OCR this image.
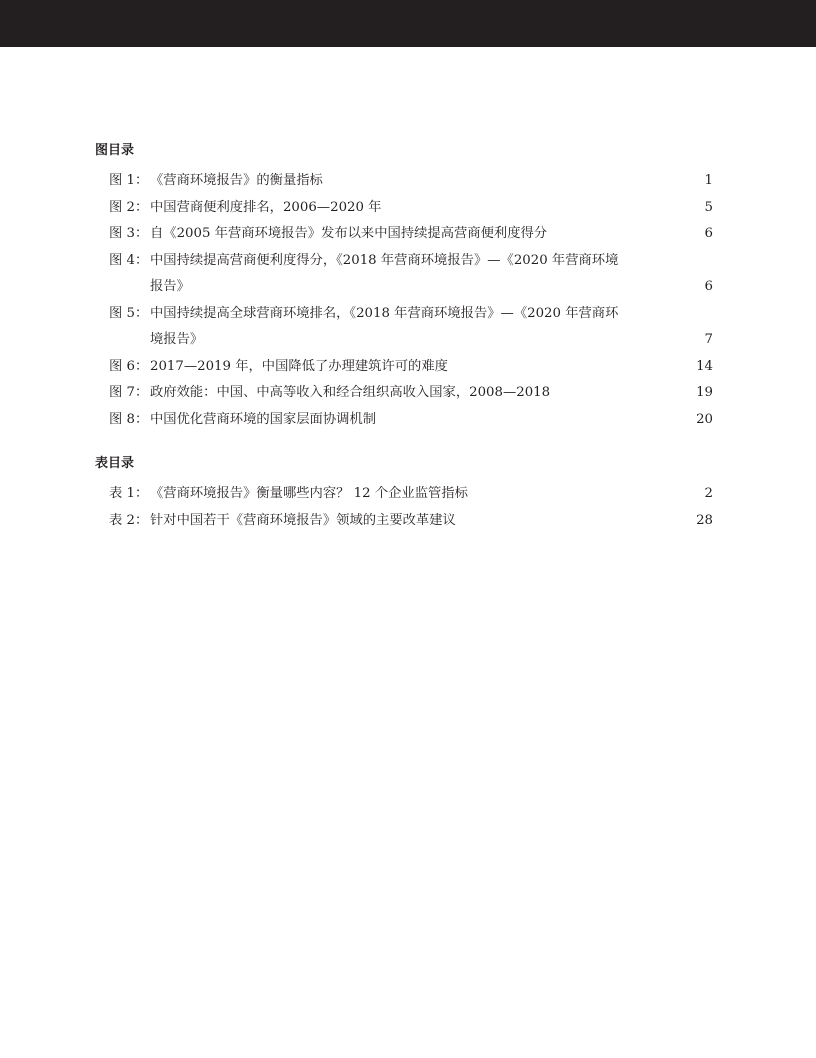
图目录
图 1： 《营商环境报告》的衡量指标	1
图 2： 中国营商便利度排名，2006—2020 年	5
图 3： 自《2005 年营商环境报告》发布以来中国持续提高营商便利度得分	6
图 4： 中国持续提高营商便利度得分，《2018 年营商环境报告》—《2020 年营商环境
报告》	6
图 5： 中国持续提高全球营商环境排名，《2018 年营商环境报告》—《2020 年营商环
境报告》	7
图 6： 2017—2019 年，中国降低了办理建筑许可的难度	14
图 7： 政府效能：中国、中高等收入和经合组织高收入国家，2008—2018	19
图 8： 中国优化营商环境的国家层面协调机制	20
表目录
表 1： 《营商环境报告》衡量哪些内容？ 12 个企业监管指标	2
表 2： 针对中国若干《营商环境报告》领域的主要改革建议	28
